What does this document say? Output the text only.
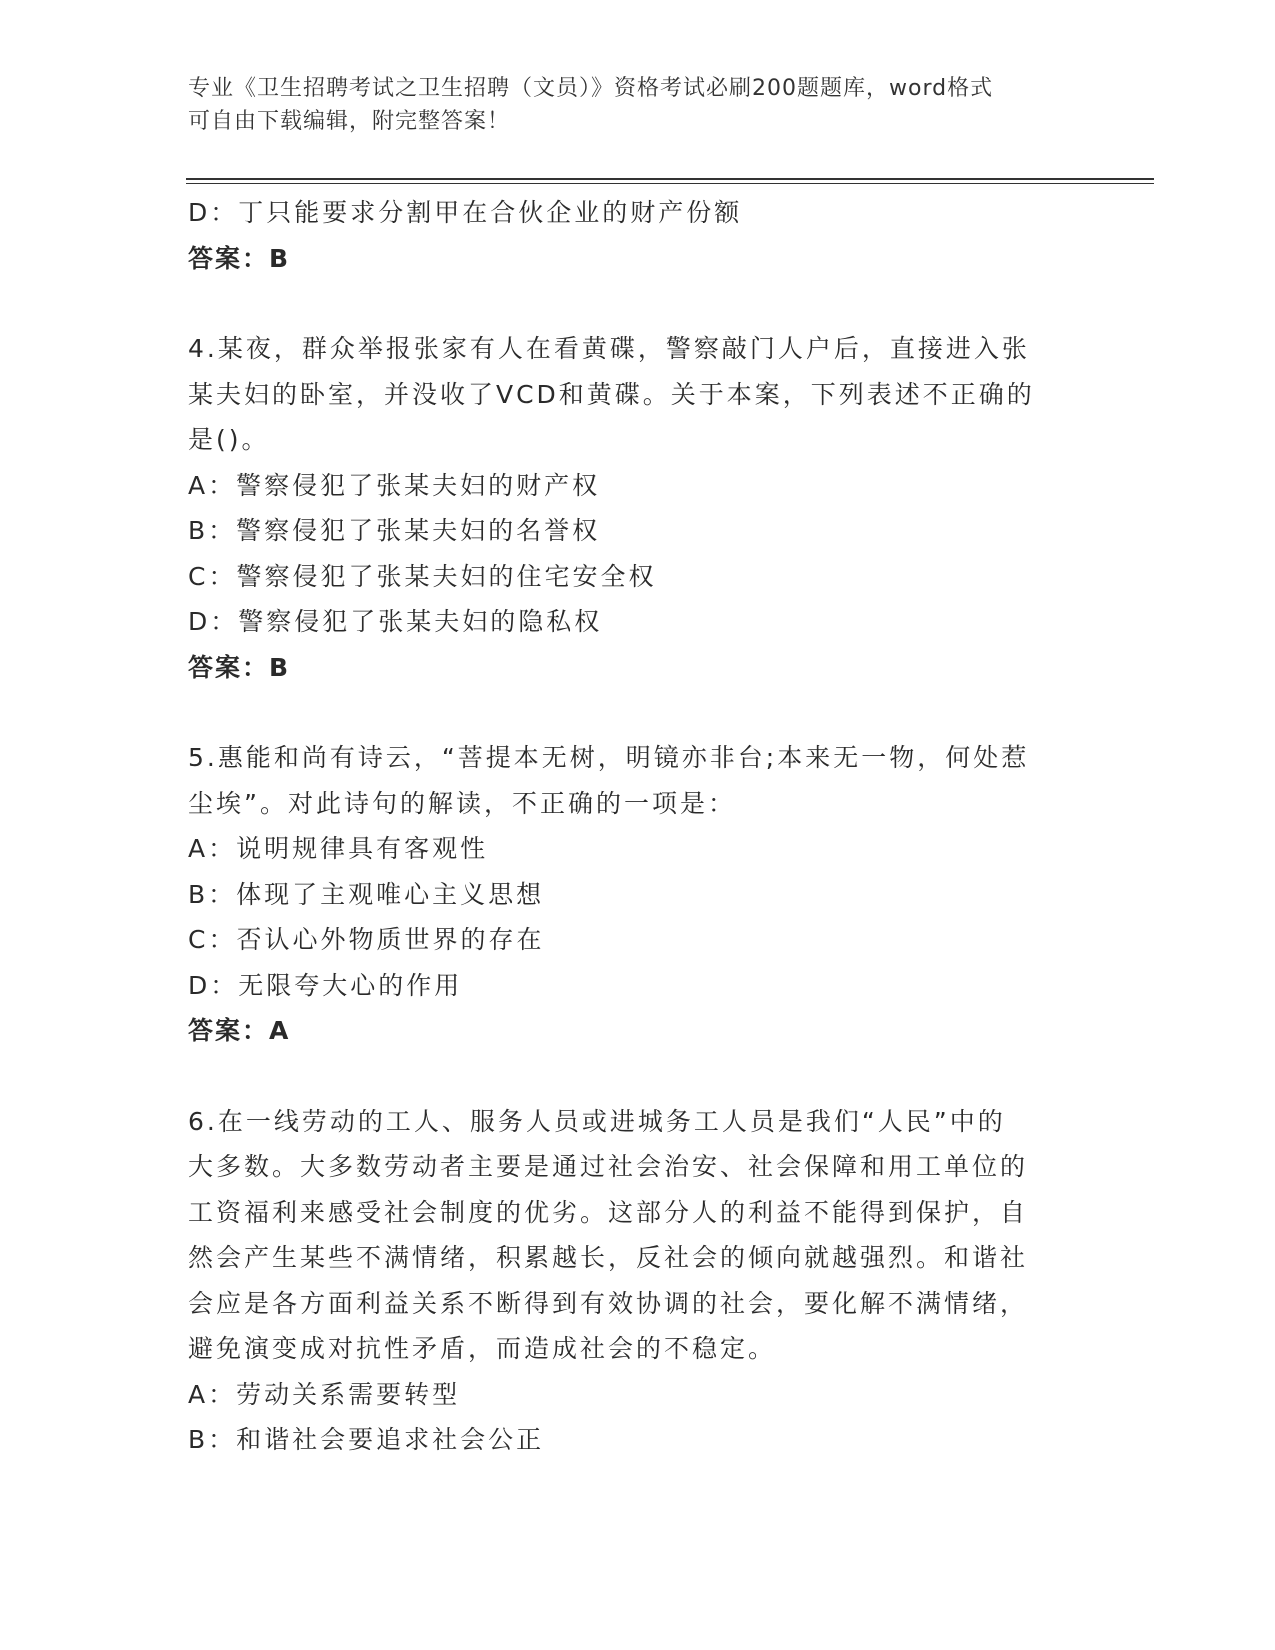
专业《卫生招聘考试之卫生招聘（文员）》资格考试必刷200题题库，word格式
可自由下载编辑，附完整答案！
D：丁只能要求分割甲在合伙企业的财产份额
答案：B
4.某夜，群众举报张家有人在看黄碟，警察敲门人户后，直接进入张
某夫妇的卧室，并没收了VCD和黄碟。关于本案，下列表述不正确的
是()。
A：警察侵犯了张某夫妇的财产权
B：警察侵犯了张某夫妇的名誉权
C：警察侵犯了张某夫妇的住宅安全权
D：警察侵犯了张某夫妇的隐私权
答案：B
5.惠能和尚有诗云，“菩提本无树，明镜亦非台;本来无一物，何处惹
尘埃”。对此诗句的解读，不正确的一项是：
A：说明规律具有客观性
B：体现了主观唯心主义思想
C：否认心外物质世界的存在
D：无限夸大心的作用
答案：A
6.在一线劳动的工人、服务人员或进城务工人员是我们“人民”中的
大多数。大多数劳动者主要是通过社会治安、社会保障和用工单位的
工资福利来感受社会制度的优劣。这部分人的利益不能得到保护，自
然会产生某些不满情绪，积累越长，反社会的倾向就越强烈。和谐社
会应是各方面利益关系不断得到有效协调的社会，要化解不满情绪，
避免演变成对抗性矛盾，而造成社会的不稳定。
A：劳动关系需要转型
B：和谐社会要追求社会公正
